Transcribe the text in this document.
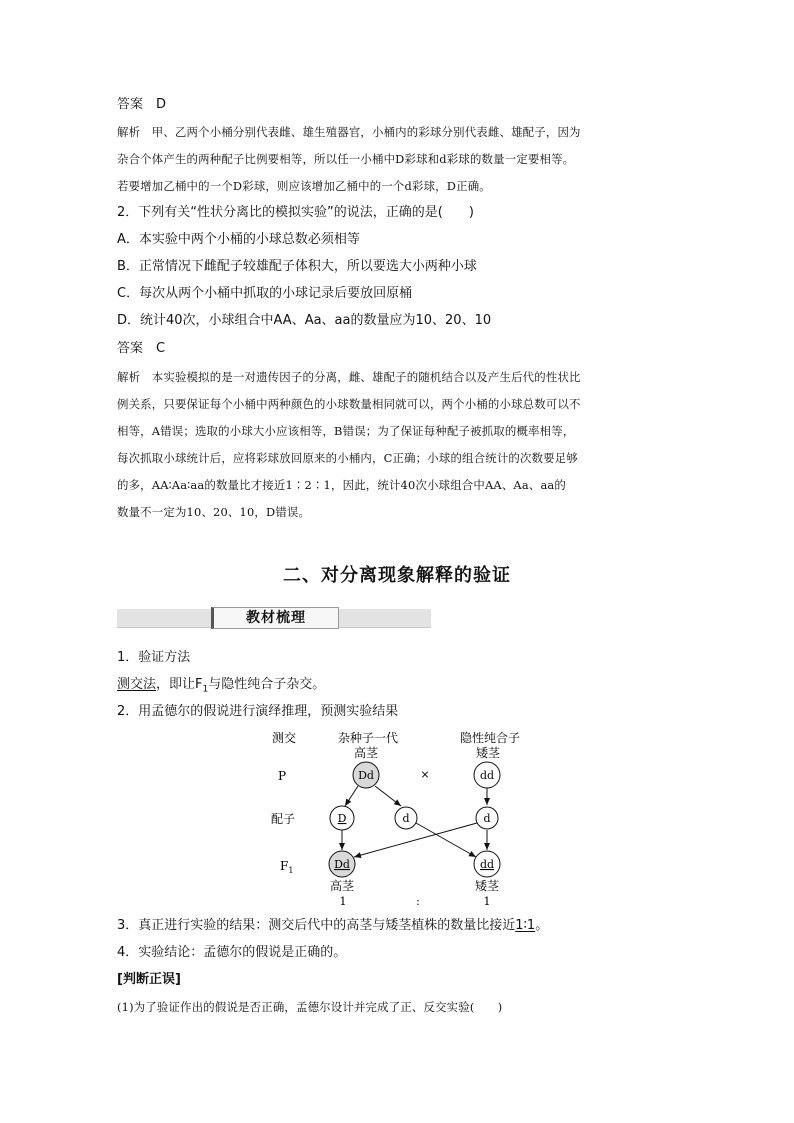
答案　D
解析　甲、乙两个小桶分别代表雌、雄生殖器官，小桶内的彩球分别代表雌、雄配子，因为
杂合个体产生的两种配子比例要相等，所以任一小桶中D彩球和d彩球的数量一定要相等。
若要增加乙桶中的一个D彩球，则应该增加乙桶中的一个d彩球，D正确。
2．下列有关“性状分离比的模拟实验”的说法，正确的是(　　)
A．本实验中两个小桶的小球总数必须相等
B．正常情况下雌配子较雄配子体积大，所以要选大小两种小球
C．每次从两个小桶中抓取的小球记录后要放回原桶
D．统计40次，小球组合中AA、Aa、aa的数量应为10、20、10
答案　C
解析　本实验模拟的是一对遗传因子的分离，雌、雄配子的随机结合以及产生后代的性状比
例关系，只要保证每个小桶中两种颜色的小球数量相同就可以，两个小桶的小球总数可以不
相等，A错误；选取的小球大小应该相等，B错误；为了保证每种配子被抓取的概率相等，
每次抓取小球统计后，应将彩球放回原来的小桶内，C正确；小球的组合统计的次数要足够
的多，AA∶Aa∶aa的数量比才接近1∶2∶1，因此，统计40次小球组合中AA、Aa、aa的
数量不一定为10、20、10，D错误。
二、对分离现象解释的验证
教材梳理
1．验证方法
测交法，即让$F_1$与隐性纯合子杂交。
2．用孟德尔的假说进行演绎推理，预测实验结果
测交	杂种子一代
高茎
隐性纯合子
矮茎
P
配子
$F_1$
Dd	×	dd
D	d	d
Dd	dd
高茎	矮茎
1	:	1
3．真正进行实验的结果：测交后代中的高茎与矮茎植株的数量比接近1∶1。
4．实验结论：孟德尔的假说是正确的。
[判断正误]
(1)为了验证作出的假说是否正确，孟德尔设计并完成了正、反交实验(　　)
